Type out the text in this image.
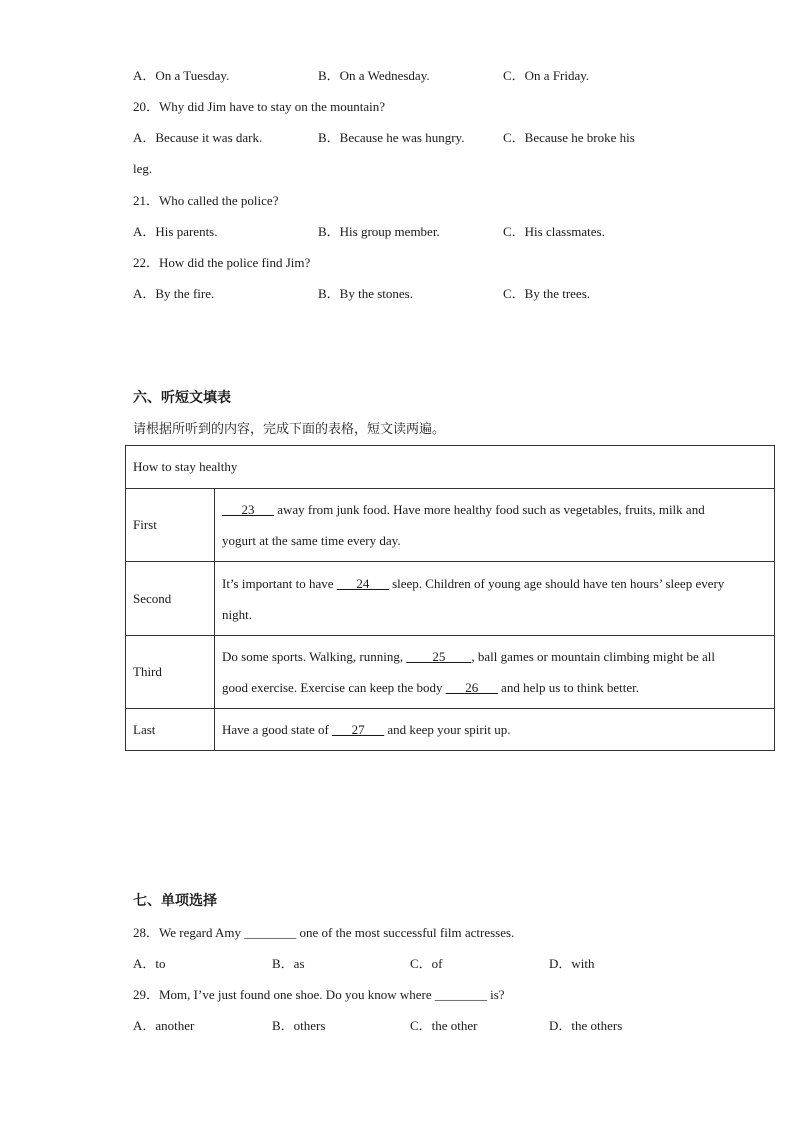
A．On a Tuesday.	B．On a Wednesday.	C．On a Friday.
20．Why did Jim have to stay on the mountain?
A．Because it was dark.	B．Because he was hungry.	C．Because he broke his
leg.
21．Who called the police?
A．His parents.	B．His group member.	C．His classmates.
22．How did the police find Jim?
A．By the fire.	B．By the stones.	C．By the trees.
六、听短文填表
请根据所听到的内容，完成下面的表格，短文读两遍。
How to stay healthy	
First	___23___ away from junk food. Have more healthy food such as vegetables, fruits, milk and
yogurt at the same time every day.
Second	It’s important to have ___24___ sleep. Children of young age should have ten hours’ sleep every
night.
Third	Do some sports. Walking, running, ____25____, ball games or mountain climbing might be all
good exercise. Exercise can keep the body ___26___ and help us to think better.
Last	Have a good state of ___27___ and keep your spirit up.
七、单项选择
28．We regard Amy ________ one of the most successful film actresses.
A．to	B．as	C．of	D．with
29．Mom, I’ve just found one shoe. Do you know where ________ is?
A．another	B．others	C．the other	D．the others
